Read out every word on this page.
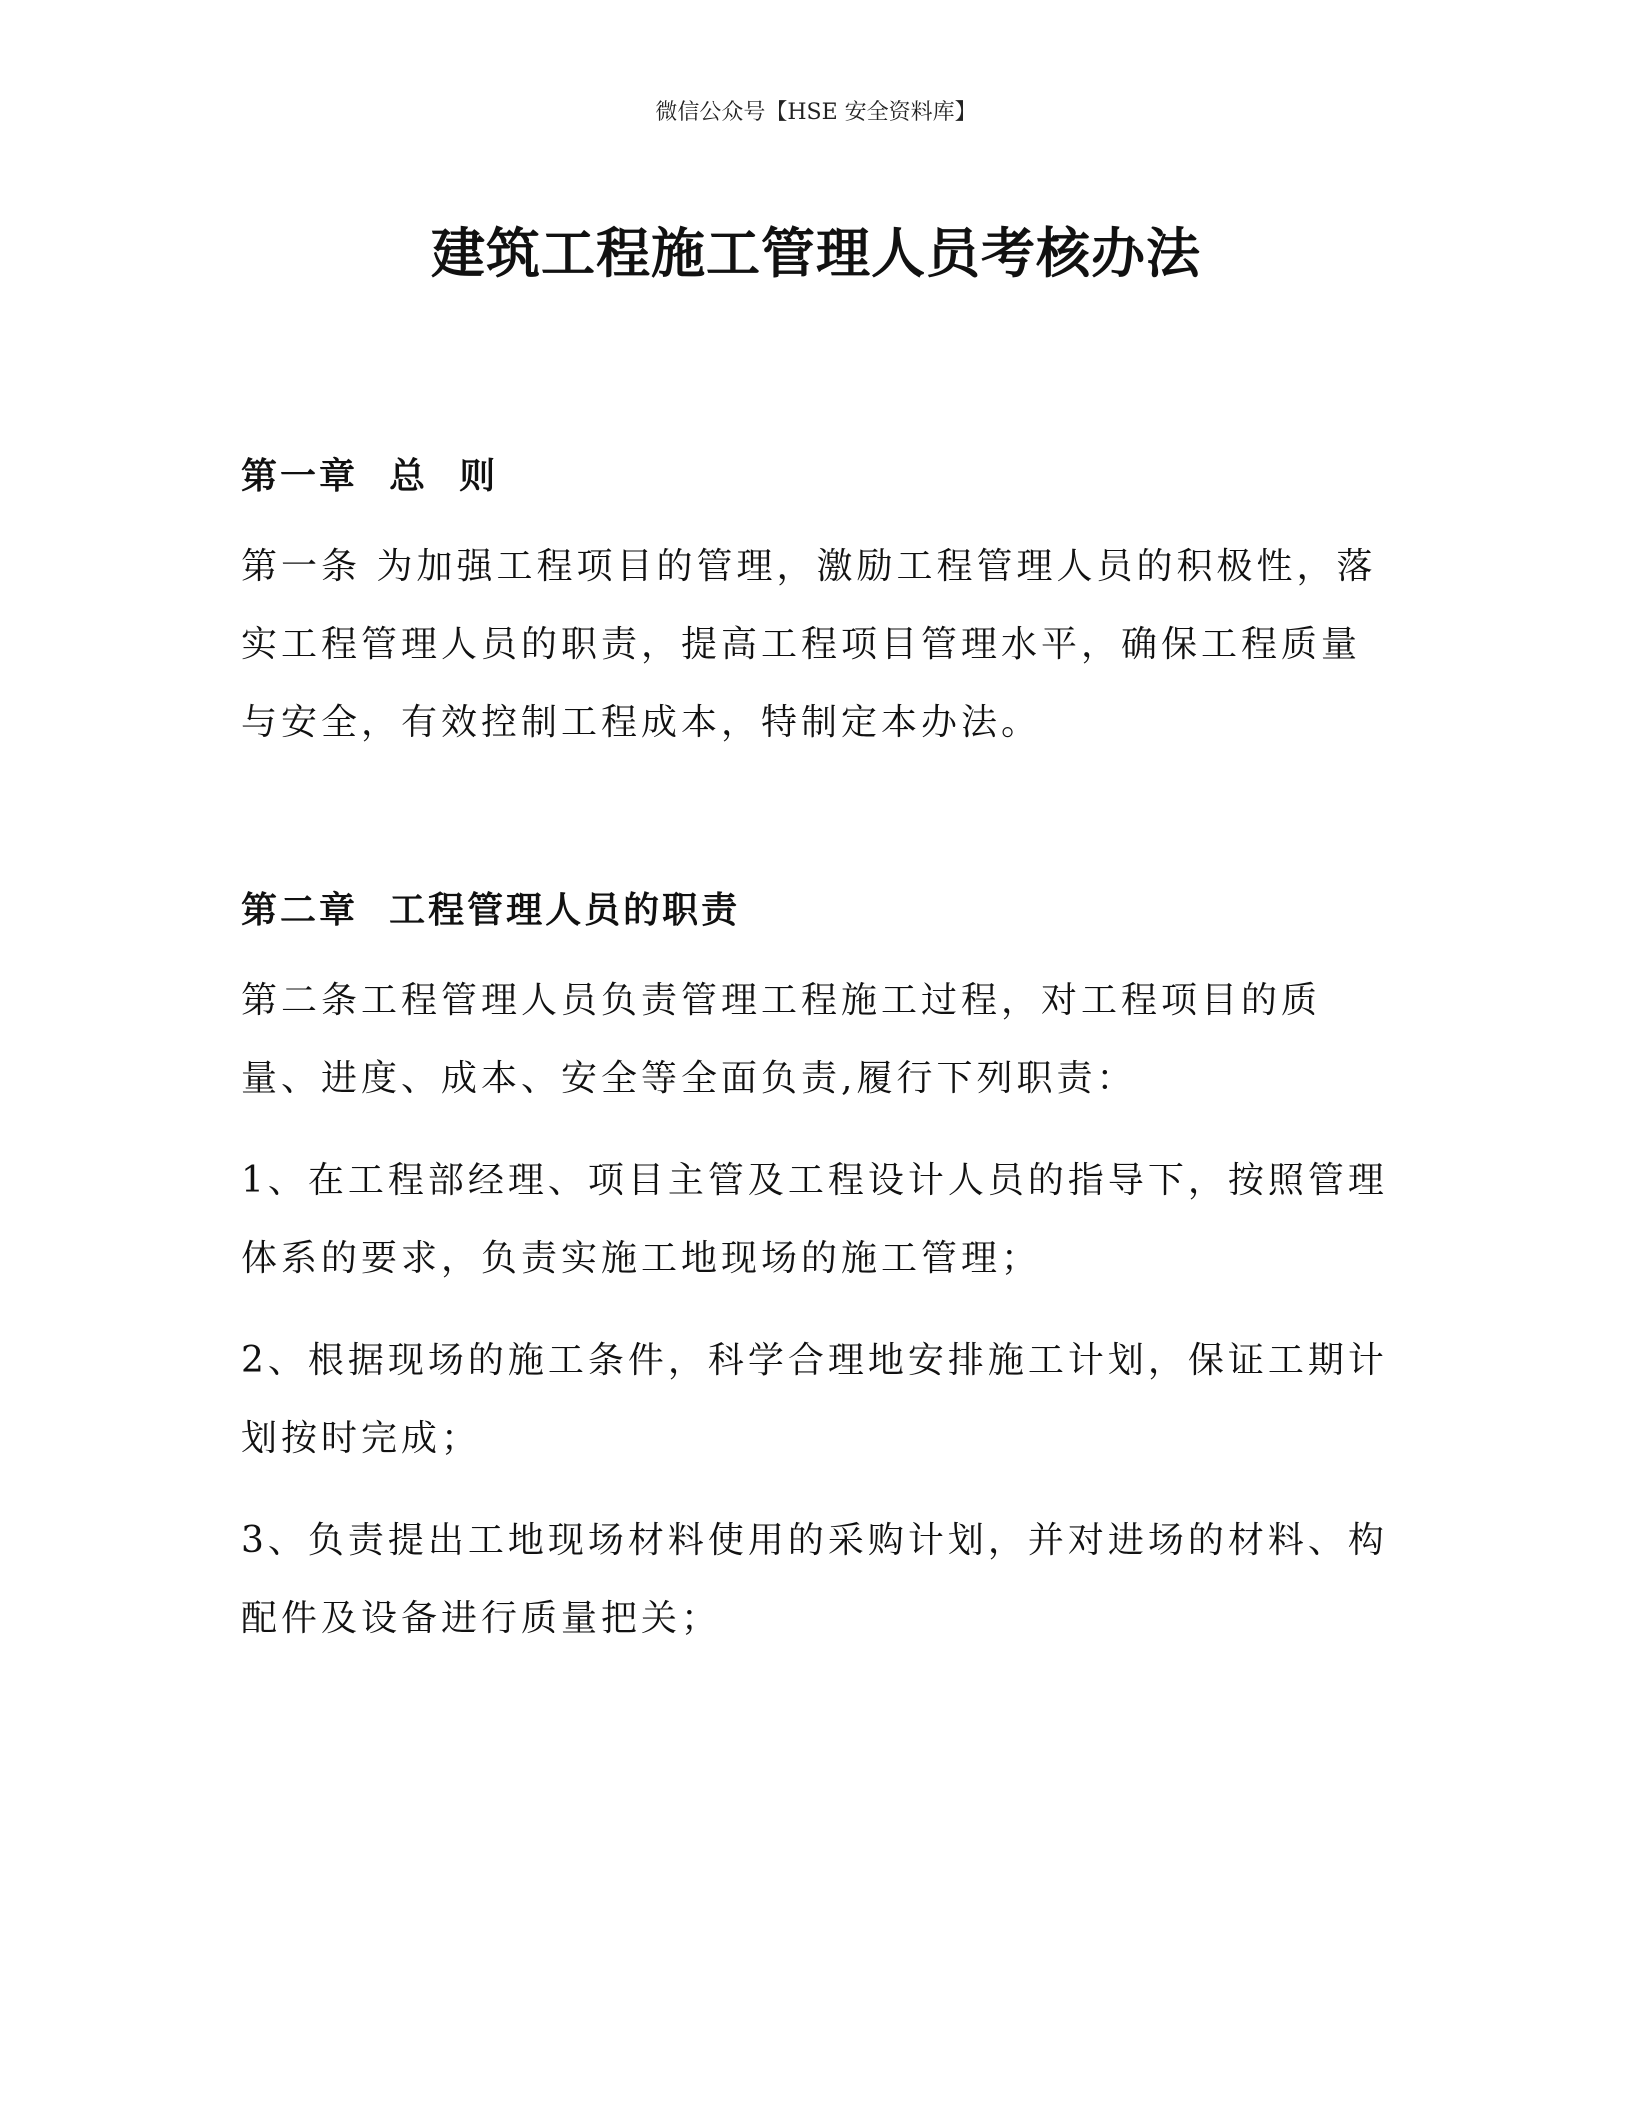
微信公众号【HSE 安全资料库】
建筑工程施工管理人员考核办法
第一章  总  则
第一条 为加强工程项目的管理，激励工程管理人员的积极性，落
实工程管理人员的职责，提高工程项目管理水平，确保工程质量
与安全，有效控制工程成本，特制定本办法。
第二章  工程管理人员的职责
第二条工程管理人员负责管理工程施工过程，对工程项目的质
量、进度、成本、安全等全面负责,履行下列职责：
1、在工程部经理、项目主管及工程设计人员的指导下，按照管理
体系的要求，负责实施工地现场的施工管理；
2、根据现场的施工条件，科学合理地安排施工计划，保证工期计
划按时完成；
3、负责提出工地现场材料使用的采购计划，并对进场的材料、构
配件及设备进行质量把关；
